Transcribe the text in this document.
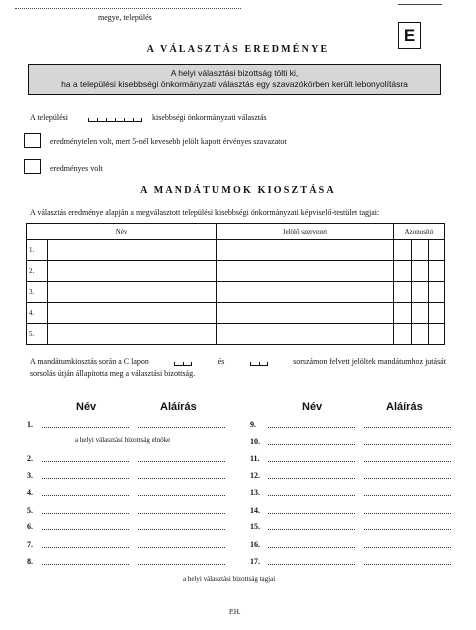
megye, település
E
A VÁLASZTÁS EREDMÉNYE
A helyi választási bizottság tölti ki,
ha a települési kisebbségi önkormányzati választás egy szavazókörben került lebonyolításra
A települési	kisebbségi önkormányzati választás
eredménytelen volt, mert 5-nél kevesebb jelölt kapott érvényes szavazatot
eredményes volt
A MANDÁTUMOK KIOSZTÁSA
A választás eredménye alapján a megválasztott települési kisebbségi önkormányzati képviselő-testület tagjai:
Név		Jelölő szervezet	Azonosító		
1.					
2.					
3.					
4.					
5.					
A mandátumkiosztás során a C lapon	és	sorszámon felvett jelöltek mandátumhoz jutását
sorsolás útján állapította meg a választási bizottság.
Név	Aláírás	Név	Aláírás
1.
2.
3.
4.
5.
6.
7.
8.
9.
10.
11.
12.
13.
14.
15.
16.
17.
a helyi választási bizottság elnöke
a helyi választási bizottság tagjai
P.H.
